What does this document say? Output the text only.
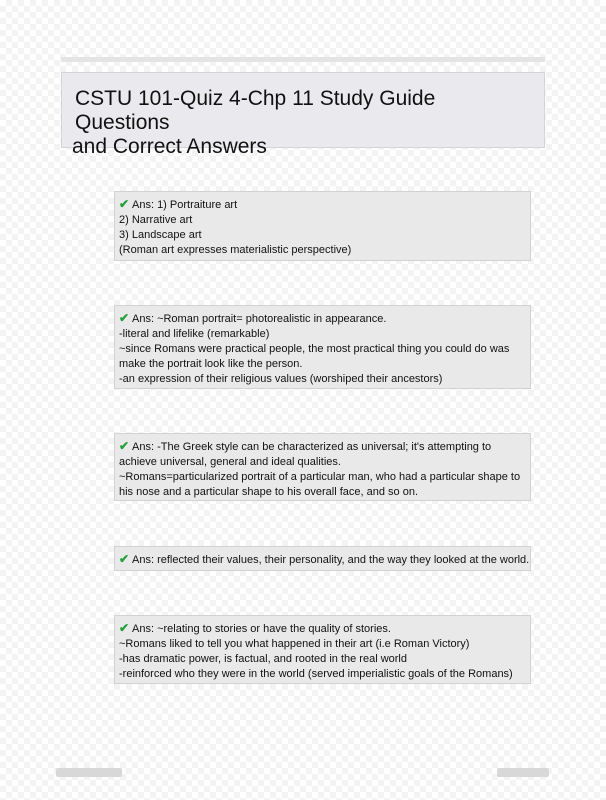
CSTU 101-Quiz 4-Chp 11 Study Guide Questions
and Correct Answers
✔ Ans: 1) Portraiture art
2) Narrative art
3) Landscape art
(Roman art expresses materialistic perspective)
✔ Ans: ~Roman portrait= photorealistic in appearance.
-literal and lifelike (remarkable)
~since Romans were practical people, the most practical thing you could do was make the portrait look like the person.
-an expression of their religious values (worshiped their ancestors)
✔ Ans: -The Greek style can be characterized as universal; it's attempting to achieve universal, general and ideal qualities.
~Romans=particularized portrait of a particular man, who had a particular shape to his nose and a particular shape to his overall face, and so on.
✔ Ans: reflected their values, their personality, and the way they looked at the world.
✔ Ans: ~relating to stories or have the quality of stories.
~Romans liked to tell you what happened in their art (i.e Roman Victory)
-has dramatic power, is factual, and rooted in the real world
-reinforced who they were in the world (served imperialistic goals of the Romans)
